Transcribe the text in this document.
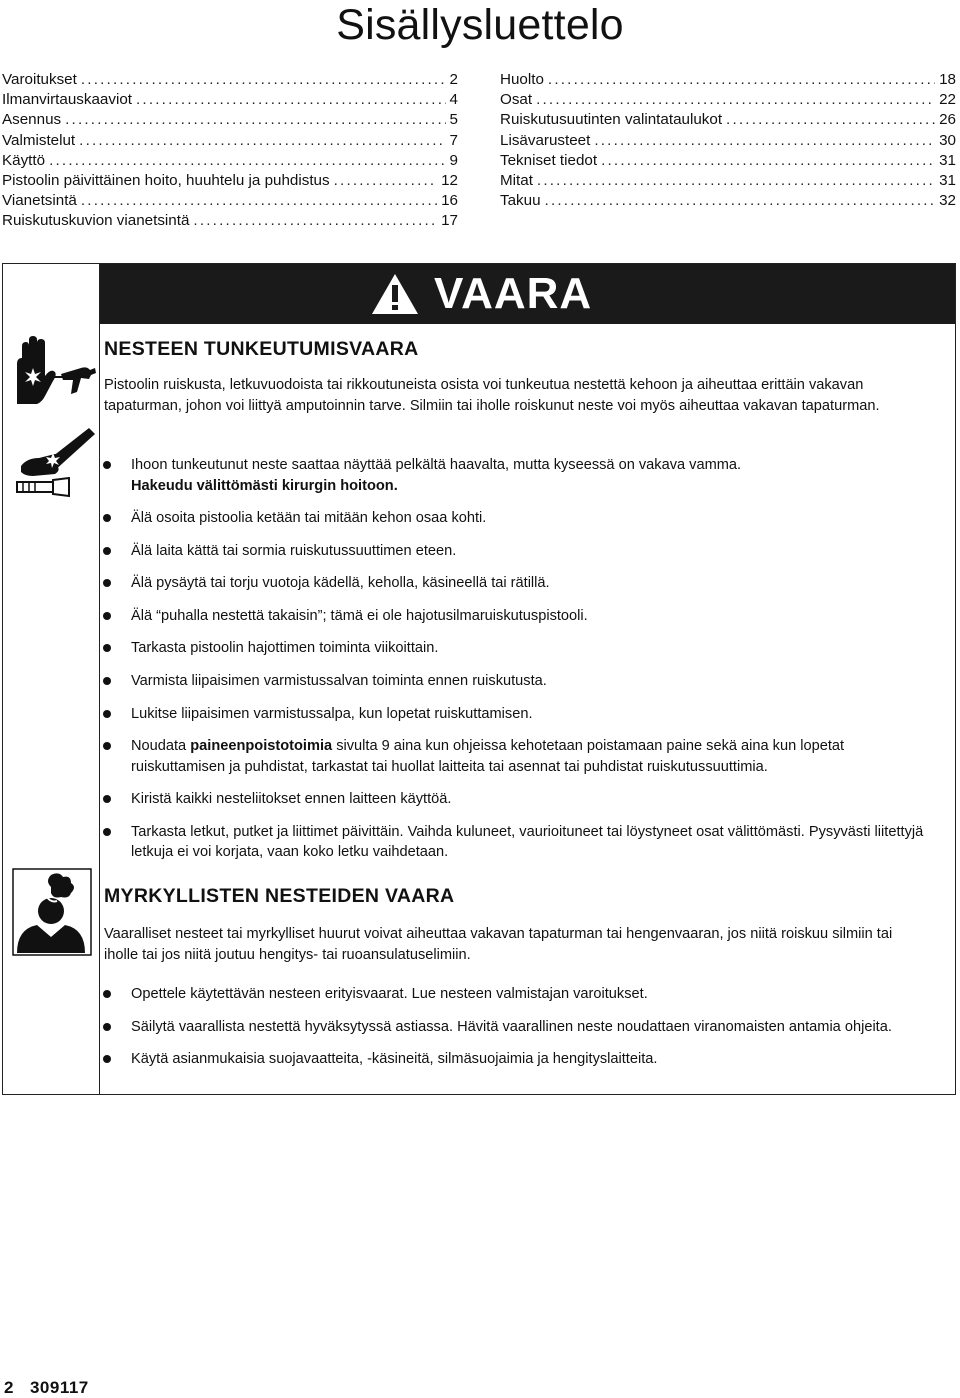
Sisällysluettelo
Varoitukset .....	2
Ilmanvirtauskaaviot .....	4
Asennus .....	5
Valmistelut .....	7
Käyttö .....	9
Pistoolin päivittäinen hoito, huuhtelu ja puhdistus .....	12
Vianetsintä .....	16
Ruiskutuskuvion vianetsintä .....	17
Huolto .....	18
Osat .....	22
Ruiskutusuutinten valintataulukot .....	26
Lisävarusteet .....	30
Tekniset tiedot .....	31
Mitat .....	31
Takuu .....	32
VAARA
NESTEEN TUNKEUTUMISVAARA
Pistoolin ruiskusta, letkuvuodoista tai rikkoutuneista osista voi tunkeutua nestettä kehoon ja aiheuttaa erittäin vakavan tapaturman, johon voi liittyä amputoinnin tarve. Silmiin tai iholle roiskunut neste voi myös aiheuttaa vakavan tapaturman.
Ihoon tunkeutunut neste saattaa näyttää pelkältä haavalta, mutta kyseessä on vakava vamma.
Hakeudu välittömästi kirurgin hoitoon.
Älä osoita pistoolia ketään tai mitään kehon osaa kohti.
Älä laita kättä tai sormia ruiskutussuuttimen eteen.
Älä pysäytä tai torju vuotoja kädellä, keholla, käsineellä tai rätillä.
Älä “puhalla nestettä takaisin”; tämä ei ole hajotusilmaruiskutuspistooli.
Tarkasta pistoolin hajottimen toiminta viikoittain.
Varmista liipaisimen varmistussalvan toiminta ennen ruiskutusta.
Lukitse liipaisimen varmistussalpa, kun lopetat ruiskuttamisen.
Noudata paineenpoistotoimia sivulta 9 aina kun ohjeissa kehotetaan poistamaan paine sekä aina kun lopetat ruiskuttamisen ja puhdistat, tarkastat tai huollat laitteita tai asennat tai puhdistat ruiskutussuuttimia.
Kiristä kaikki nesteliitokset ennen laitteen käyttöä.
Tarkasta letkut, putket ja liittimet päivittäin. Vaihda kuluneet, vaurioituneet tai löystyneet osat välittömästi. Pysyvästi liitettyjä letkuja ei voi korjata, vaan koko letku vaihdetaan.
MYRKYLLISTEN NESTEIDEN VAARA
Vaaralliset nesteet tai myrkylliset huurut voivat aiheuttaa vakavan tapaturman tai hengenvaaran, jos niitä roiskuu silmiin tai iholle tai jos niitä joutuu hengitys- tai ruoansulatuselimiin.
Opettele käytettävän nesteen erityisvaarat. Lue nesteen valmistajan varoitukset.
Säilytä vaarallista nestettä hyväksytyssä astiassa. Hävitä vaarallinen neste noudattaen viranomaisten antamia ohjeita.
Käytä asianmukaisia suojavaatteita, -käsineitä, silmäsuojaimia ja hengityslaitteita.
2 309117
